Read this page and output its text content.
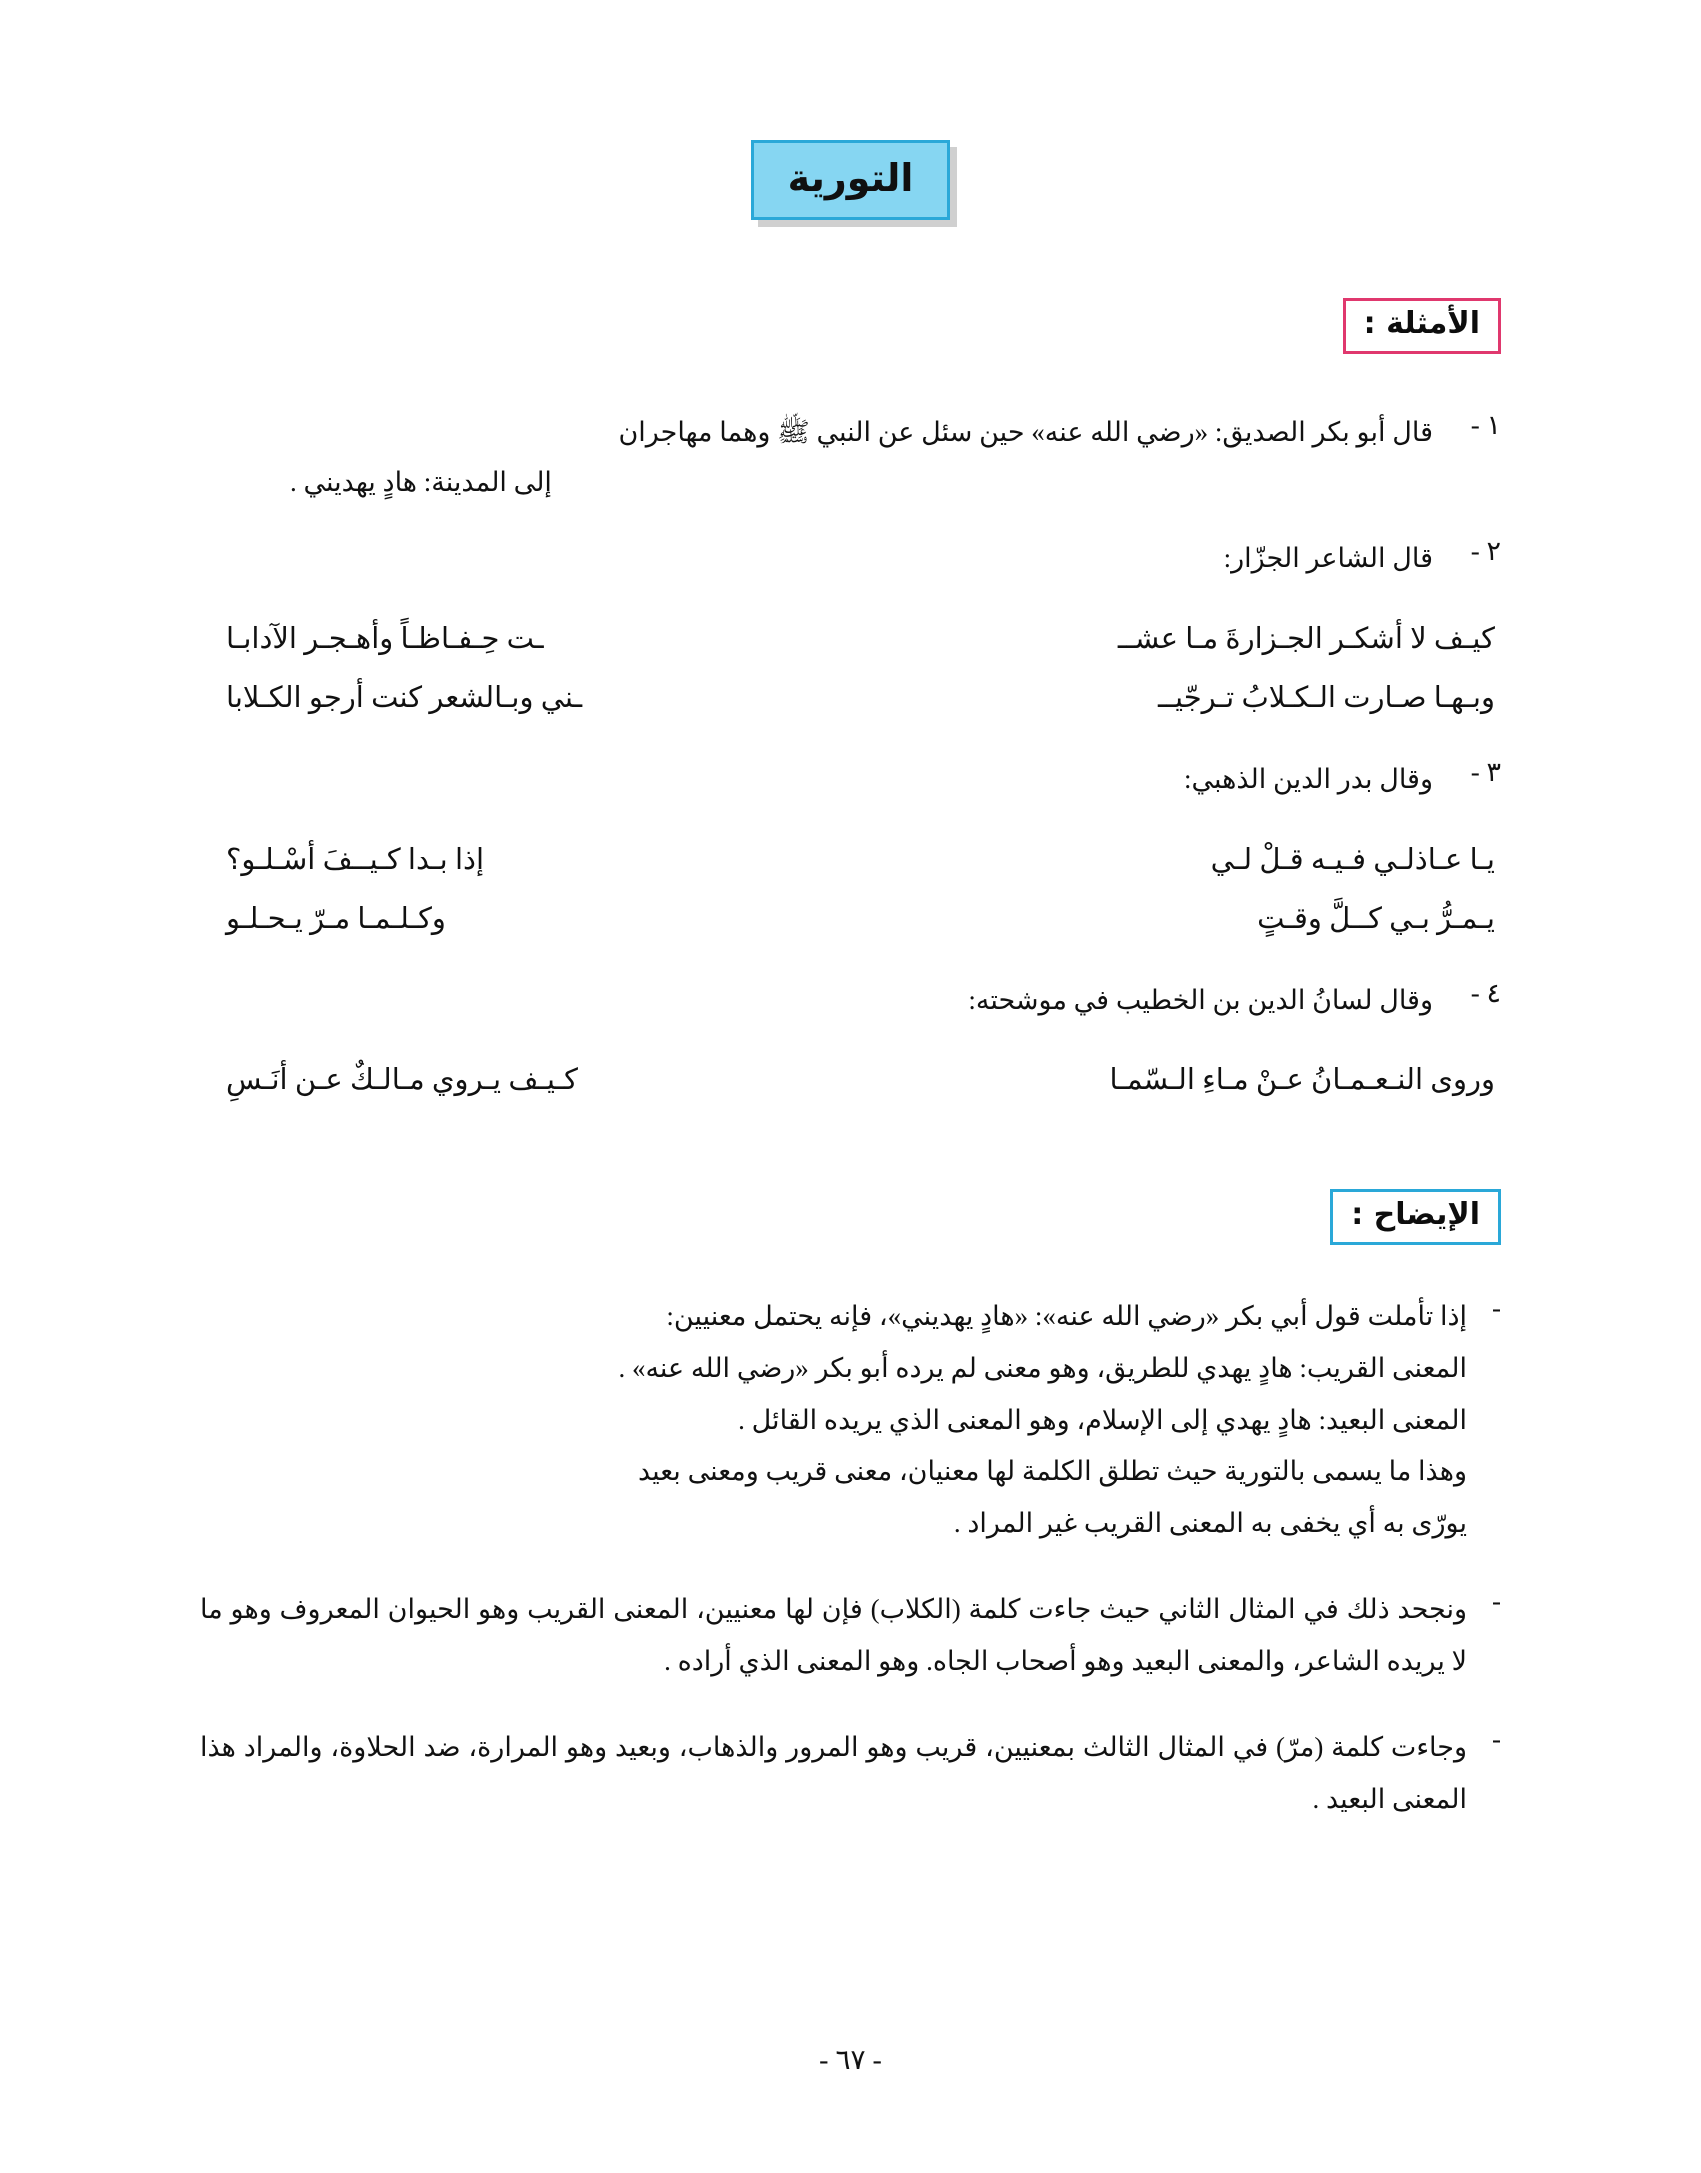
التورية
الأمثلة :
١ -

قال أبو بكر الصديق: «رضي الله عنه» حين سئل عن النبي ﷺ وهما مهاجران

إلى المدينة: هادٍ يهديني .

٢ -

قال الشاعر الجزّار:

كيـف لا أشكـر الجـزارةَ مـا عشــ
ـت حِـفـاظـاً وأهـجـر الآدابـا
وبـهـا صـارت الـكـلابُ تـرجّيــ
ـني وبـالشعر كنت أرجو الكـلابا
٣ -

وقال بدر الدين الذهبي:

يـا عـاذلـي فـيـه قـلْ لـي
إذا بـدا كـيــفَ أسْـلـو؟
يـمـرُّ بـي كــلَّ وقـتٍ
وكـلـمـا مـرّ يـحـلـو
٤ -

وقال لسانُ الدين بن الخطيب في موشحته:

وروى النـعـمـانُ عـنْ مـاءِ الـسّمـا
كـيـف يـروي مـالـكٌ عـن أنَـسِ
الإيضاح :
-

إذا تأملت قول أبي بكر «رضي الله عنه»: «هادٍ يهديني»، فإنه يحتمل معنيين:

المعنى القريب: هادٍ يهدي للطريق، وهو معنى لم يرده أبو بكر «رضي الله عنه» .

المعنى البعيد: هادٍ يهدي إلى الإسلام، وهو المعنى الذي يريده القائل .

وهذا ما يسمى بالتورية حيث تطلق الكلمة لها معنيان، معنى قريب ومعنى بعيد

يورّى به أي يخفى به المعنى القريب غير المراد .

-

ونجحد ذلك في المثال الثاني حيث جاءت كلمة (الكلاب) فإن لها معنيين، المعنى القريب وهو الحيوان المعروف وهو ما لا يريده الشاعر، والمعنى البعيد وهو أصحاب الجاه. وهو المعنى الذي أراده .

-

وجاءت كلمة (مرّ) في المثال الثالث بمعنيين، قريب وهو المرور والذهاب، وبعيد وهو المرارة، ضد الحلاوة، والمراد هذا المعنى البعيد .

- ٦٧ -
